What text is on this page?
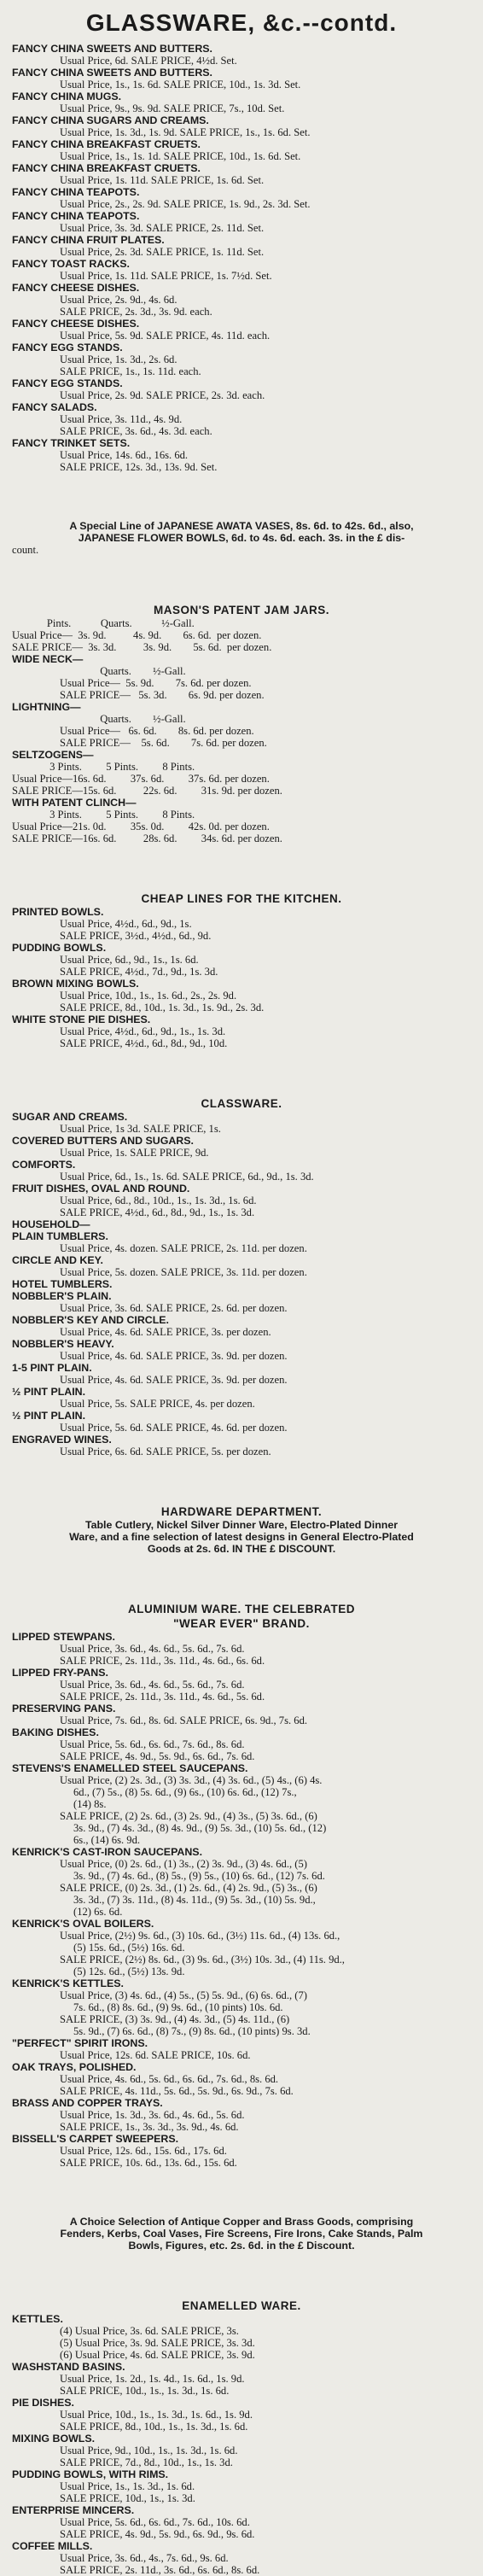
GLASSWARE, &c.--contd.
FANCY CHINA SWEETS AND BUTTERS.
Usual Price, 6d. SALE PRICE, 4½d. Set.
FANCY CHINA SWEETS AND BUTTERS.
Usual Price, 1s., 1s. 6d. SALE PRICE, 10d., 1s. 3d. Set.
FANCY CHINA MUGS.
Usual Price, 9s., 9s. 9d. SALE PRICE, 7s., 10d. Set.
FANCY CHINA SUGARS AND CREAMS.
Usual Price, 1s. 3d., 1s. 9d. SALE PRICE, 1s., 1s. 6d. Set.
FANCY CHINA BREAKFAST CRUETS.
Usual Price, 1s., 1s. 1d. SALE PRICE, 10d., 1s. 6d. Set.
FANCY CHINA BREAKFAST CRUETS.
Usual Price, 1s. 11d. SALE PRICE, 1s. 6d. Set.
FANCY CHINA TEAPOTS.
Usual Price, 2s., 2s. 9d. SALE PRICE, 1s. 9d., 2s. 3d. Set.
FANCY CHINA TEAPOTS.
Usual Price, 3s. 3d. SALE PRICE, 2s. 11d. Set.
FANCY CHINA FRUIT PLATES.
Usual Price, 2s. 3d. SALE PRICE, 1s. 11d. Set.
FANCY TOAST RACKS.
Usual Price, 1s. 11d. SALE PRICE, 1s. 7½d. Set.
FANCY CHEESE DISHES.
Usual Price, 2s. 9d., 4s. 6d.
SALE PRICE, 2s. 3d., 3s. 9d. each.
FANCY CHEESE DISHES.
Usual Price, 5s. 9d. SALE PRICE, 4s. 11d. each.
FANCY EGG STANDS.
Usual Price, 1s. 3d., 2s. 6d.
SALE PRICE, 1s., 1s. 11d. each.
FANCY EGG STANDS.
Usual Price, 2s. 9d. SALE PRICE, 2s. 3d. each.
FANCY SALADS.
Usual Price, 3s. 11d., 4s. 9d.
SALE PRICE, 3s. 6d., 4s. 3d. each.
FANCY TRINKET SETS.
Usual Price, 14s. 6d., 16s. 6d.
SALE PRICE, 12s. 3d., 13s. 9d. Set.
A Special Line of JAPANESE AWATA VASES, 8s. 6d. to 42s. 6d., also,
JAPANESE FLOWER BOWLS, 6d. to 4s. 6d. each. 3s. in the £ dis-
count.
MASON'S PATENT JAM JARS.
Pints.           Quarts.           ½-Gall.
Usual Price—  3s. 9d.          4s. 9d.        6s. 6d.  per dozen.
SALE PRICE—  3s. 3d.          3s. 9d.        5s. 6d.  per dozen.
WIDE NECK—
Quarts.        ½-Gall.
Usual Price—  5s. 9d.        7s. 6d. per dozen.
SALE PRICE—   5s. 3d.        6s. 9d. per dozen.
LIGHTNING—
Quarts.        ½-Gall.
Usual Price—   6s. 6d.        8s. 6d. per dozen.
SALE PRICE—    5s. 6d.        7s. 6d. per dozen.
SELTZOGENS—
3 Pints.         5 Pints.         8 Pints.
Usual Price—16s. 6d.         37s. 6d.         37s. 6d. per dozen.
SALE PRICE—15s. 6d.          22s. 6d.         31s. 9d. per dozen.
WITH PATENT CLINCH—
3 Pints.         5 Pints.         8 Pints.
Usual Price—21s. 0d.         35s. 0d.         42s. 0d. per dozen.
SALE PRICE—16s. 6d.          28s. 6d.         34s. 6d. per dozen.
CHEAP LINES FOR THE KITCHEN.
PRINTED BOWLS.
Usual Price, 4½d., 6d., 9d., 1s.
SALE PRICE, 3½d., 4½d., 6d., 9d.
PUDDING BOWLS.
Usual Price, 6d., 9d., 1s., 1s. 6d.
SALE PRICE, 4½d., 7d., 9d., 1s. 3d.
BROWN MIXING BOWLS.
Usual Price, 10d., 1s., 1s. 6d., 2s., 2s. 9d.
SALE PRICE, 8d., 10d., 1s. 3d., 1s. 9d., 2s. 3d.
WHITE STONE PIE DISHES.
Usual Price, 4½d., 6d., 9d., 1s., 1s. 3d.
SALE PRICE, 4½d., 6d., 8d., 9d., 10d.
CLASSWARE.
SUGAR AND CREAMS.
Usual Price, 1s 3d. SALE PRICE, 1s.
COVERED BUTTERS AND SUGARS.
Usual Price, 1s. SALE PRICE, 9d.
COMFORTS.
Usual Price, 6d., 1s., 1s. 6d. SALE PRICE, 6d., 9d., 1s. 3d.
FRUIT DISHES, OVAL AND ROUND.
Usual Price, 6d., 8d., 10d., 1s., 1s. 3d., 1s. 6d.
SALE PRICE, 4½d., 6d., 8d., 9d., 1s., 1s. 3d.
HOUSEHOLD—
PLAIN TUMBLERS.
Usual Price, 4s. dozen. SALE PRICE, 2s. 11d. per dozen.
CIRCLE AND KEY.
Usual Price, 5s. dozen. SALE PRICE, 3s. 11d. per dozen.
HOTEL TUMBLERS.
NOBBLER'S PLAIN.
Usual Price, 3s. 6d. SALE PRICE, 2s. 6d. per dozen.
NOBBLER'S KEY AND CIRCLE.
Usual Price, 4s. 6d. SALE PRICE, 3s. per dozen.
NOBBLER'S HEAVY.
Usual Price, 4s. 6d. SALE PRICE, 3s. 9d. per dozen.
1-5 PINT PLAIN.
Usual Price, 4s. 6d. SALE PRICE, 3s. 9d. per dozen.
½ PINT PLAIN.
Usual Price, 5s. SALE PRICE, 4s. per dozen.
½ PINT PLAIN.
Usual Price, 5s. 6d. SALE PRICE, 4s. 6d. per dozen.
ENGRAVED WINES.
Usual Price, 6s. 6d. SALE PRICE, 5s. per dozen.
HARDWARE DEPARTMENT.
Table Cutlery, Nickel Silver Dinner Ware, Electro-Plated Dinner
Ware, and a fine selection of latest designs in General Electro-Plated
Goods at 2s. 6d. IN THE £ DISCOUNT.
ALUMINIUM WARE. THE CELEBRATED
"WEAR EVER" BRAND.
LIPPED STEWPANS.
Usual Price, 3s. 6d., 4s. 6d., 5s. 6d., 7s. 6d.
SALE PRICE, 2s. 11d., 3s. 11d., 4s. 6d., 6s. 6d.
LIPPED FRY-PANS.
Usual Price, 3s. 6d., 4s. 6d., 5s. 6d., 7s. 6d.
SALE PRICE, 2s. 11d., 3s. 11d., 4s. 6d., 5s. 6d.
PRESERVING PANS.
Usual Price, 7s. 6d., 8s. 6d. SALE PRICE, 6s. 9d., 7s. 6d.
BAKING DISHES.
Usual Price, 5s. 6d., 6s. 6d., 7s. 6d., 8s. 6d.
SALE PRICE, 4s. 9d., 5s. 9d., 6s. 6d., 7s. 6d.
STEVENS'S ENAMELLED STEEL SAUCEPANS.
Usual Price, (2) 2s. 3d., (3) 3s. 3d., (4) 3s. 6d., (5) 4s., (6) 4s.
6d., (7) 5s., (8) 5s. 6d., (9) 6s., (10) 6s. 6d., (12) 7s.,
(14) 8s.
SALE PRICE, (2) 2s. 6d., (3) 2s. 9d., (4) 3s., (5) 3s. 6d., (6)
3s. 9d., (7) 4s. 3d., (8) 4s. 9d., (9) 5s. 3d., (10) 5s. 6d., (12)
6s., (14) 6s. 9d.
KENRICK'S CAST-IRON SAUCEPANS.
Usual Price, (0) 2s. 6d., (1) 3s., (2) 3s. 9d., (3) 4s. 6d., (5)
3s. 9d., (7) 4s. 6d., (8) 5s., (9) 5s., (10) 6s. 6d., (12) 7s. 6d.
SALE PRICE, (0) 2s. 3d., (1) 2s. 6d., (4) 2s. 9d., (5) 3s., (6)
3s. 3d., (7) 3s. 11d., (8) 4s. 11d., (9) 5s. 3d., (10) 5s. 9d.,
(12) 6s. 6d.
KENRICK'S OVAL BOILERS.
Usual Price, (2½) 9s. 6d., (3) 10s. 6d., (3½) 11s. 6d., (4) 13s. 6d.,
(5) 15s. 6d., (5½) 16s. 6d.
SALE PRICE, (2½) 8s. 6d., (3) 9s. 6d., (3½) 10s. 3d., (4) 11s. 9d.,
(5) 12s. 6d., (5½) 13s. 9d.
KENRICK'S KETTLES.
Usual Price, (3) 4s. 6d., (4) 5s., (5) 5s. 9d., (6) 6s. 6d., (7)
7s. 6d., (8) 8s. 6d., (9) 9s. 6d., (10 pints) 10s. 6d.
SALE PRICE, (3) 3s. 9d., (4) 4s. 3d., (5) 4s. 11d., (6)
5s. 9d., (7) 6s. 6d., (8) 7s., (9) 8s. 6d., (10 pints) 9s. 3d.
"PERFECT" SPIRIT IRONS.
Usual Price, 12s. 6d. SALE PRICE, 10s. 6d.
OAK TRAYS, POLISHED.
Usual Price, 4s. 6d., 5s. 6d., 6s. 6d., 7s. 6d., 8s. 6d.
SALE PRICE, 4s. 11d., 5s. 6d., 5s. 9d., 6s. 9d., 7s. 6d.
BRASS AND COPPER TRAYS.
Usual Price, 1s. 3d., 3s. 6d., 4s. 6d., 5s. 6d.
SALE PRICE, 1s., 3s. 3d., 3s. 9d., 4s. 6d.
BISSELL'S CARPET SWEEPERS.
Usual Price, 12s. 6d., 15s. 6d., 17s. 6d.
SALE PRICE, 10s. 6d., 13s. 6d., 15s. 6d.
A Choice Selection of Antique Copper and Brass Goods, comprising
Fenders, Kerbs, Coal Vases, Fire Screens, Fire Irons, Cake Stands, Palm
Bowls, Figures, etc. 2s. 6d. in the £ Discount.
ENAMELLED WARE.
KETTLES.
(4) Usual Price, 3s. 6d. SALE PRICE, 3s.
(5) Usual Price, 3s. 9d. SALE PRICE, 3s. 3d.
(6) Usual Price, 4s. 6d. SALE PRICE, 3s. 9d.
WASHSTAND BASINS.
Usual Price, 1s. 2d., 1s. 4d., 1s. 6d., 1s. 9d.
SALE PRICE, 10d., 1s., 1s. 3d., 1s. 6d.
PIE DISHES.
Usual Price, 10d., 1s., 1s. 3d., 1s. 6d., 1s. 9d.
SALE PRICE, 8d., 10d., 1s., 1s. 3d., 1s. 6d.
MIXING BOWLS.
Usual Price, 9d., 10d., 1s., 1s. 3d., 1s. 6d.
SALE PRICE, 7d., 8d., 10d., 1s., 1s. 3d.
PUDDING BOWLS, WITH RIMS.
Usual Price, 1s., 1s. 3d., 1s. 6d.
SALE PRICE, 10d., 1s., 1s. 3d.
ENTERPRISE MINCERS.
Usual Price, 5s. 6d., 6s. 6d., 7s. 6d., 10s. 6d.
SALE PRICE, 4s. 9d., 5s. 9d., 6s. 9d., 9s. 6d.
COFFEE MILLS.
Usual Price, 3s. 6d., 4s., 7s. 6d., 9s. 6d.
SALE PRICE, 2s. 11d., 3s. 6d., 6s. 6d., 8s. 6d.
